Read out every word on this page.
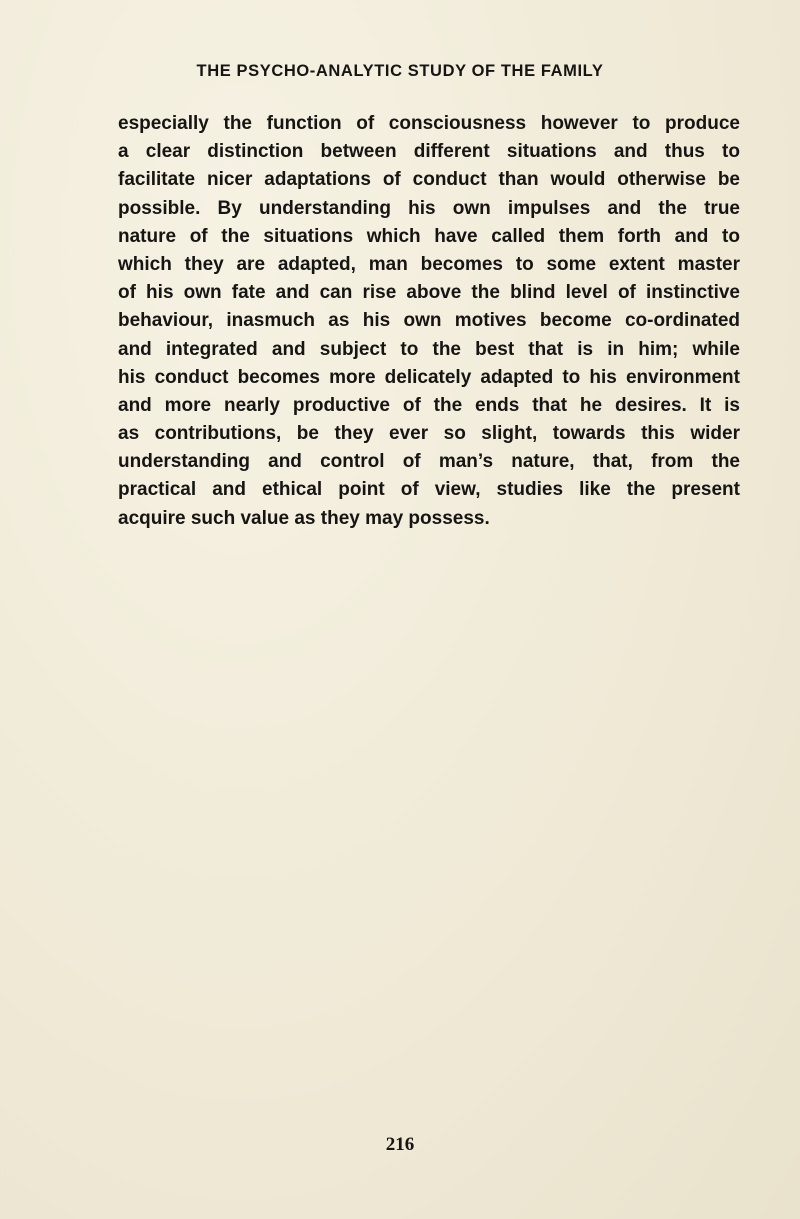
THE PSYCHO-ANALYTIC STUDY OF THE FAMILY
especially the function of consciousness however to produce
a clear distinction between different situations and thus to
facilitate nicer adaptations of conduct than would otherwise be
possible. By understanding his own impulses and the true
nature of the situations which have called them forth and to
which they are adapted, man becomes to some extent master
of his own fate and can rise above the blind level of instinctive
behaviour, inasmuch as his own motives become co-ordinated
and integrated and subject to the best that is in him; while
his conduct becomes more delicately adapted to his environment
and more nearly productive of the ends that he desires. It is
as contributions, be they ever so slight, towards this wider
understanding and control of man’s nature, that, from the
practical and ethical point of view, studies like the present
acquire such value as they may possess.
216
